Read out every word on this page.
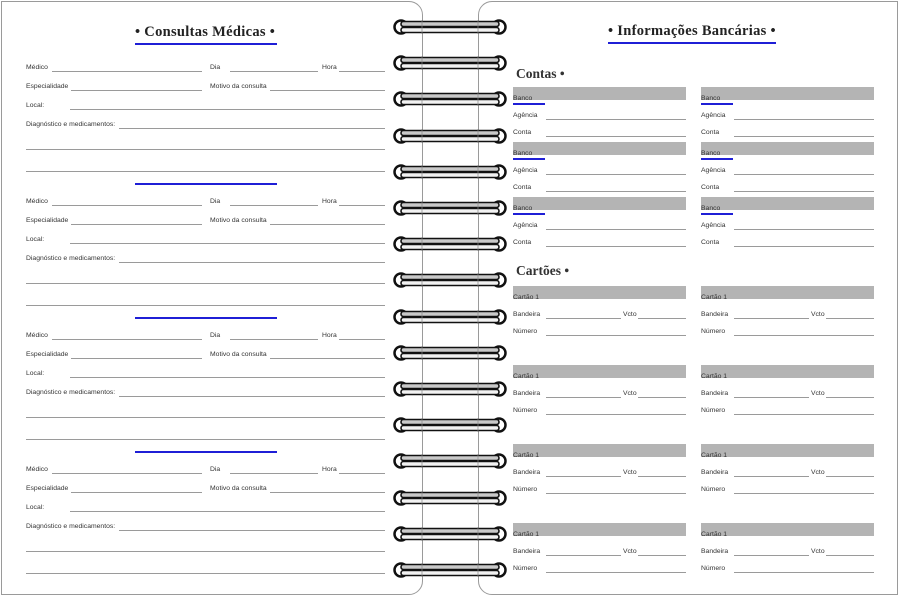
• Consultas Médicas •
Médico	Dia	Hora
Especialidade	Motivo da consulta
Local:
Diagnóstico e medicamentos:
Médico	Dia	Hora
Especialidade	Motivo da consulta
Local:
Diagnóstico e medicamentos:
Médico	Dia	Hora
Especialidade	Motivo da consulta
Local:
Diagnóstico e medicamentos:
Médico	Dia	Hora
Especialidade	Motivo da consulta
Local:
Diagnóstico e medicamentos:
• Informações Bancárias •
Contas •
Banco
Agência
Conta
Banco
Agência
Conta
Banco
Agência
Conta
Banco
Agência
Conta
Banco
Agência
Conta
Banco
Agência
Conta
Cartões •
Cartão 1
Bandeira	Vcto
Número
Cartão 1
Bandeira	Vcto
Número
Cartão 1
Bandeira	Vcto
Número
Cartão 1
Bandeira	Vcto
Número
Cartão 1
Bandeira	Vcto
Número
Cartão 1
Bandeira	Vcto
Número
Cartão 1
Bandeira	Vcto
Número
Cartão 1
Bandeira	Vcto
Número
